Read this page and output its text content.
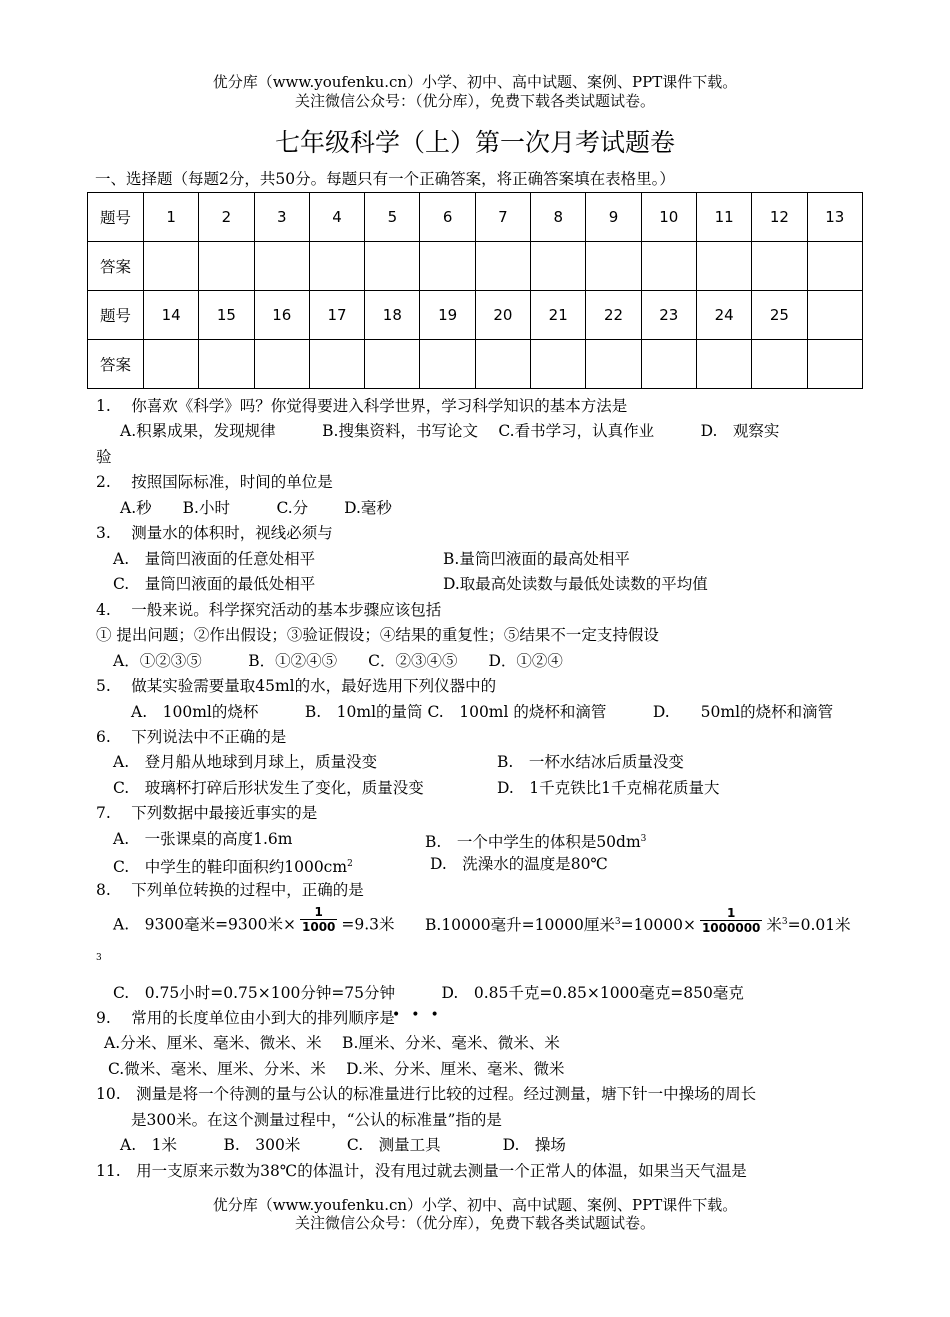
优分库（www.youfenku.cn）小学、初中、高中试题、案例、PPT课件下载。
关注微信公众号：（优分库），免费下载各类试题试卷。
七年级科学（上）第一次月考试题卷
一、选择题（每题2分，共50分。每题只有一个正确答案，将正确答案填在表格里。）
题号	1	2	3	4	5	6	7	8	9	10	11	12	13
答案													
题号	14	15	16	17	18	19	20	21	22	23	24	25	
答案													
1.　 你喜欢《科学》吗？你觉得要进入科学世界，学习科学知识的基本方法是
A.积累成果，发现规律　　　B.搜集资料，书写论文　 C.看书学习，认真作业　　　D.　观察实
验
2.　 按照国际标准，时间的单位是
A.秒　　B.小时　　　C.分　　 D.毫秒
3.　 测量水的体积时，视线必须与
A.　量筒凹液面的任意处相平	B.量筒凹液面的最高处相平
C.　量筒凹液面的最低处相平	D.取最高处读数与最低处读数的平均值
4.　 一般来说。科学探究活动的基本步骤应该包括
① 提出问题；②作出假设；③验证假设；④结果的重复性；⑤结果不一定支持假设
A．①②③⑤　　　B．①②④⑤　　C．②③④⑤　　D．①②④
5.　 做某实验需要量取45ml的水，最好选用下列仪器中的
A.　100ml的烧杯　　　B.　10ml的量筒 C.　100ml 的烧杯和滴管　　　D.　　50ml的烧杯和滴管
6.　 下列说法中不正确的是
A.　登月船从地球到月球上，质量没变	B.　一杯水结冰后质量没变
C.　玻璃杯打碎后形状发生了变化，质量没变	D.　1千克铁比1千克棉花质量大
7.　 下列数据中最接近事实的是
A.　一张课桌的高度1.6m	B.　一个中学生的体积是$50dm^3$
C.　中学生的鞋印面积约$1000cm^2$	D.　洗澡水的温度是80℃
8.　 下列单位转换的过程中，正确的是
A.　9300毫米=9300米× $\frac{1}{1000} =9.3$米 B.10000毫升=10000厘米$^3=10000\times \frac{1}{1000000}$ 米$^3$=0.01米
3
C.　0.75小时=0.75×100分钟=75分钟　　　D.　0.85千克=0.85×1000毫克=850毫克
9.　 常用的长度单位由小到大的排列顺序是
•••
A.分米、厘米、毫米、微米、米　 B.厘米、分米、毫米、微米、米
C.微米、毫米、厘米、分米、米　 D.米、分米、厘米、毫米、微米
10.　测量是将一个待测的量与公认的标准量进行比较的过程。经过测量，塘下针一中操场的周长
是300米。在这个测量过程中，“公认的标准量”指的是
A.　1米　　　B.　300米　　　C.　测量工具　　　　D.　操场
11.　用一支原来示数为38℃的体温计，没有甩过就去测量一个正常人的体温，如果当天气温是
优分库（www.youfenku.cn）小学、初中、高中试题、案例、PPT课件下载。
关注微信公众号：（优分库），免费下载各类试题试卷。
